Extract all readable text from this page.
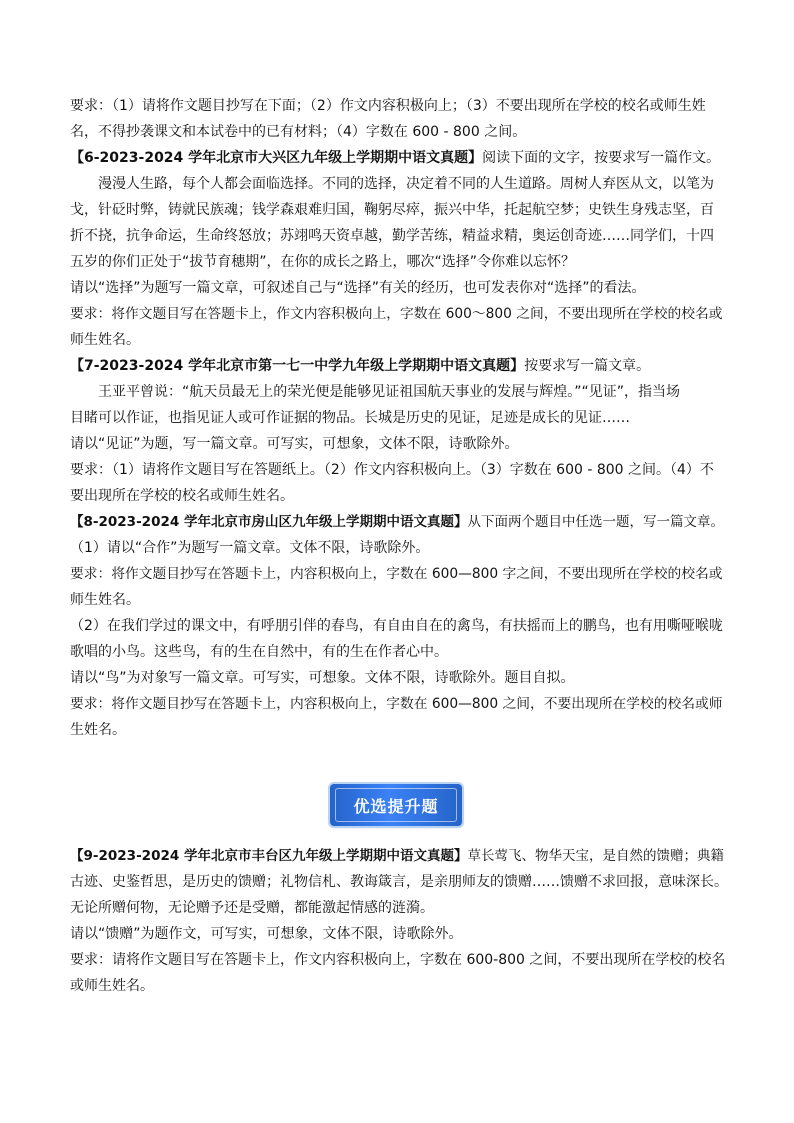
要求：（1）请将作文题目抄写在下面；（2）作文内容积极向上；（3）不要出现所在学校的校名或师生姓
名，不得抄袭课文和本试卷中的已有材料；（4）字数在 600 - 800 之间。
【6-2023-2024 学年北京市大兴区九年级上学期期中语文真题】阅读下面的文字，按要求写一篇作文。
漫漫人生路，每个人都会面临选择。不同的选择，决定着不同的人生道路。周树人弃医从文，以笔为
戈，针砭时弊，铸就民族魂；钱学森艰难归国，鞠躬尽瘁，振兴中华，托起航空梦；史铁生身残志坚，百
折不挠，抗争命运，生命终怒放；苏翊鸣天资卓越，勤学苦练，精益求精，奥运创奇迹……同学们，十四
五岁的你们正处于“拔节育穗期”，在你的成长之路上，哪次“选择”令你难以忘怀？
请以“选择”为题写一篇文章，可叙述自己与“选择”有关的经历，也可发表你对“选择”的看法。
要求：将作文题目写在答题卡上，作文内容积极向上，字数在 600～800 之间，不要出现所在学校的校名或
师生姓名。
【7-2023-2024 学年北京市第一七一中学九年级上学期期中语文真题】按要求写一篇文章。
王亚平曾说：“航天员最无上的荣光便是能够见证祖国航天事业的发展与辉煌。”“见证”，指当场
目睹可以作证，也指见证人或可作证据的物品。长城是历史的见证，足迹是成长的见证……
请以“见证”为题，写一篇文章。可写实，可想象，文体不限，诗歌除外。
要求：（1）请将作文题目写在答题纸上。（2）作文内容积极向上。（3）字数在 600 - 800 之间。（4）不
要出现所在学校的校名或师生姓名。
【8-2023-2024 学年北京市房山区九年级上学期期中语文真题】从下面两个题目中任选一题，写一篇文章。
（1）请以“合作”为题写一篇文章。文体不限，诗歌除外。
要求：将作文题目抄写在答题卡上，内容积极向上，字数在 600—800 字之间，不要出现所在学校的校名或
师生姓名。
（2）在我们学过的课文中，有呼朋引伴的春鸟，有自由自在的禽鸟，有扶摇而上的鹏鸟，也有用嘶哑喉咙
歌唱的小鸟。这些鸟，有的生在自然中，有的生在作者心中。
请以“鸟”为对象写一篇文章。可写实，可想象。文体不限，诗歌除外。题目自拟。
要求：将作文题目抄写在答题卡上，内容积极向上，字数在 600—800 之间，不要出现所在学校的校名或师
生姓名。
优选提升题
【9-2023-2024 学年北京市丰台区九年级上学期期中语文真题】草长莺飞、物华天宝，是自然的馈赠；典籍
古迹、史鉴哲思，是历史的馈赠；礼物信札、教诲箴言，是亲朋师友的馈赠……馈赠不求回报，意味深长。
无论所赠何物，无论赠予还是受赠，都能激起情感的涟漪。
请以“馈赠”为题作文，可写实，可想象，文体不限，诗歌除外。
要求：请将作文题目写在答题卡上，作文内容积极向上，字数在 600-800 之间，不要出现所在学校的校名
或师生姓名。
